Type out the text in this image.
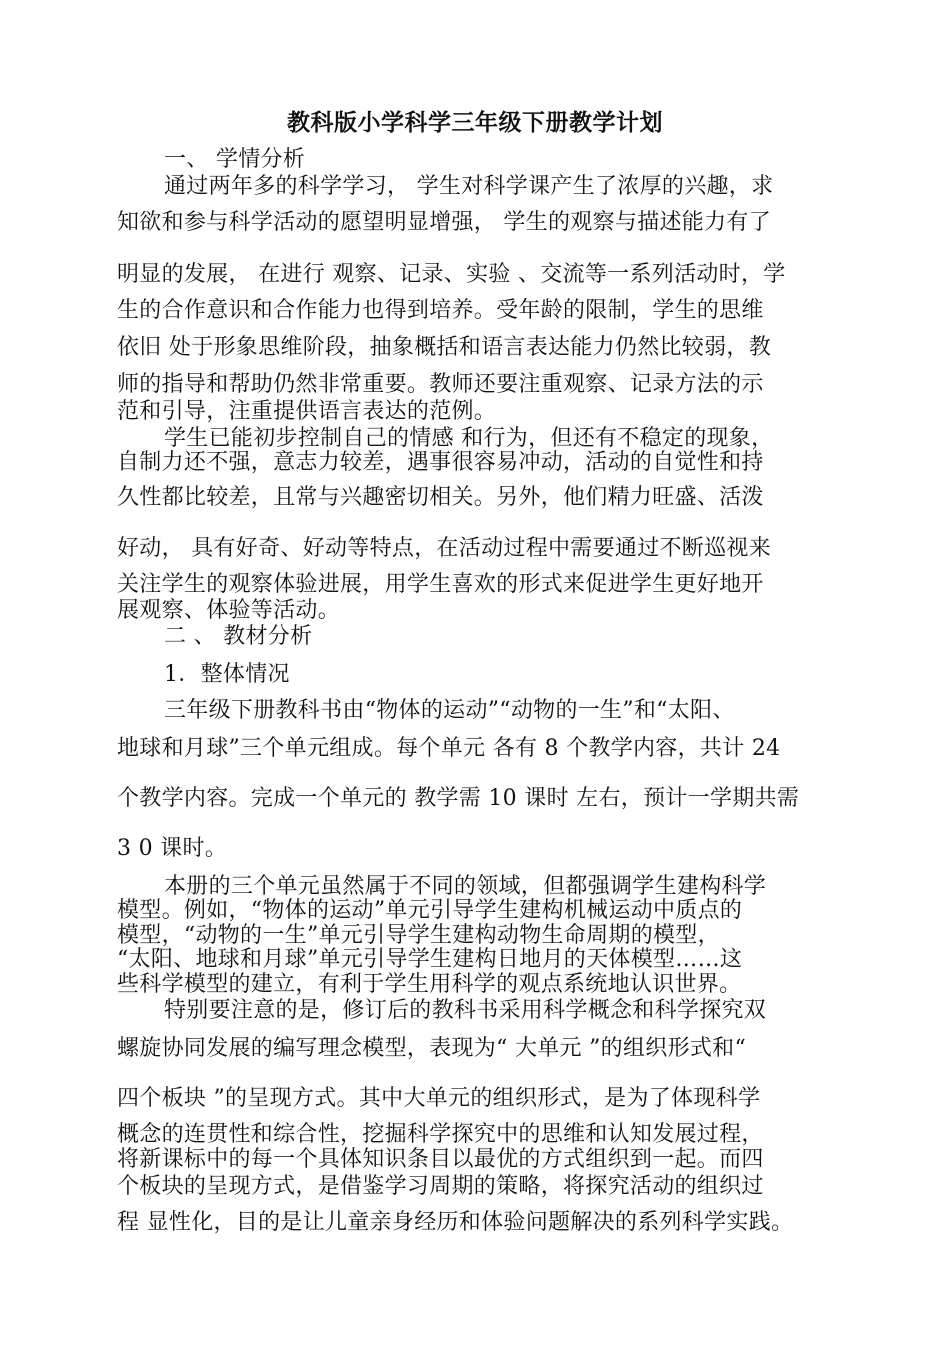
教科版小学科学三年级下册教学计划
一、 学情分析
通过两年多的科学学习， 学生对科学课产生了浓厚的兴趣，求
知欲和参与科学活动的愿望明显增强， 学生的观察与描述能力有了
明显的发展， 在进行 观察、记录、实验 、交流等一系列活动时，学
生的合作意识和合作能力也得到培养。受年龄的限制，学生的思维
依旧 处于形象思维阶段，抽象概括和语言表达能力仍然比较弱，教
师的指导和帮助仍然非常重要。教师还要注重观察、记录方法的示
范和引导，注重提供语言表达的范例。
学生已能初步控制自己的情感 和行为，但还有不稳定的现象，
自制力还不强，意志力较差，遇事很容易冲动，活动的自觉性和持
久性都比较差，且常与兴趣密切相关。另外，他们精力旺盛、活泼
好动， 具有好奇、好动等特点，在活动过程中需要通过不断巡视来
关注学生的观察体验进展，用学生喜欢的形式来促进学生更好地开
展观察、体验等活动。
二 、 教材分析
1．整体情况
三年级下册教科书由“物体的运动”“动物的一生”和“太阳、
地球和月球”三个单元组成。每个单元 各有 8 个教学内容，共计 24
个教学内容。完成一个单元的 教学需 10 课时 左右，预计一学期共需
3 0 课时。
本册的三个单元虽然属于不同的领域，但都强调学生建构科学
模型。例如，“物体的运动”单元引导学生建构机械运动中质点的
模型，“动物的一生”单元引导学生建构动物生命周期的模型，
“太阳、地球和月球”单元引导学生建构日地月的天体模型……这
些科学模型的建立，有利于学生用科学的观点系统地认识世界。
特别要注意的是，修订后的教科书采用科学概念和科学探究双
螺旋协同发展的编写理念模型，表现为“ 大单元 ”的组织形式和“
四个板块 ”的呈现方式。其中大单元的组织形式，是为了体现科学
概念的连贯性和综合性，挖掘科学探究中的思维和认知发展过程，
将新课标中的每一个具体知识条目以最优的方式组织到一起。而四
个板块的呈现方式，是借鉴学习周期的策略，将探究活动的组织过
程 显性化，目的是让儿童亲身经历和体验问题解决的系列科学实践。
